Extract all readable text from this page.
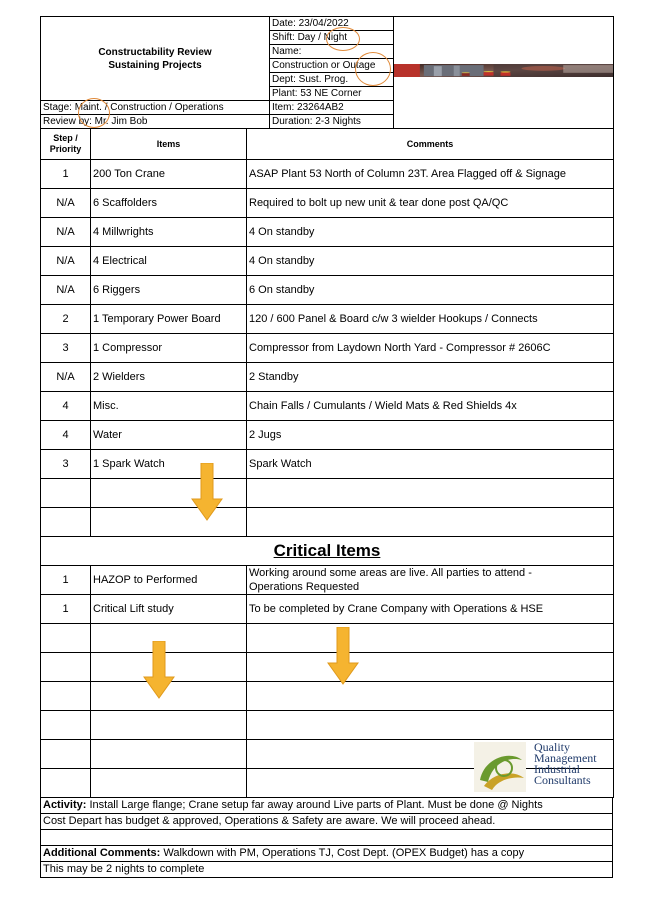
Constructability Review
Sustaining Projects	Date: 23/04/2022	
	Shift: Day / Night	
	Name:	
	Construction or Outage	
	Dept: Sust. Prog.	
	Plant: 53 NE Corner	
Stage: Maint. / Construction / Operations	Item: 23264AB2	
Review by: Mr. Jim Bob	Duration: 2-3 Nights	
Step / Priority	Items	Comments
1	200 Ton Crane	ASAP Plant 53 North of Column 23T. Area Flagged off & Signage
N/A	6 Scaffolders	Required to bolt up new unit & tear done post QA/QC
N/A	4 Millwrights	4 On standby
N/A	4 Electrical	4 On standby
N/A	6 Riggers	6 On standby
2	1 Temporary Power Board	120 / 600 Panel & Board c/w 3 wielder Hookups / Connects
3	1 Compressor	Compressor from Laydown North Yard - Compressor # 2606C
N/A	2 Wielders	2 Standby
4	Misc.	Chain Falls / Cumulants / Wield Mats & Red Shields 4x
4	Water	2 Jugs
3	1 Spark Watch	Spark Watch

Critical Items		
1	HAZOP to Performed	Working around some areas are live. All parties to attend -
Operations Requested

1	Critical Lift study	To be completed by Crane Company with Operations & HSE

Activity: Install Large flange; Crane setup far away around Live parts of Plant. Must be done @ Nights
Cost Depart has budget & approved, Operations & Safety are aware. We will proceed ahead.

Additional Comments: Walkdown with PM, Operations TJ, Cost Dept. (OPEX Budget) has a copy
This may be 2 nights to complete
Quality
Management
Industrial
Consultants
